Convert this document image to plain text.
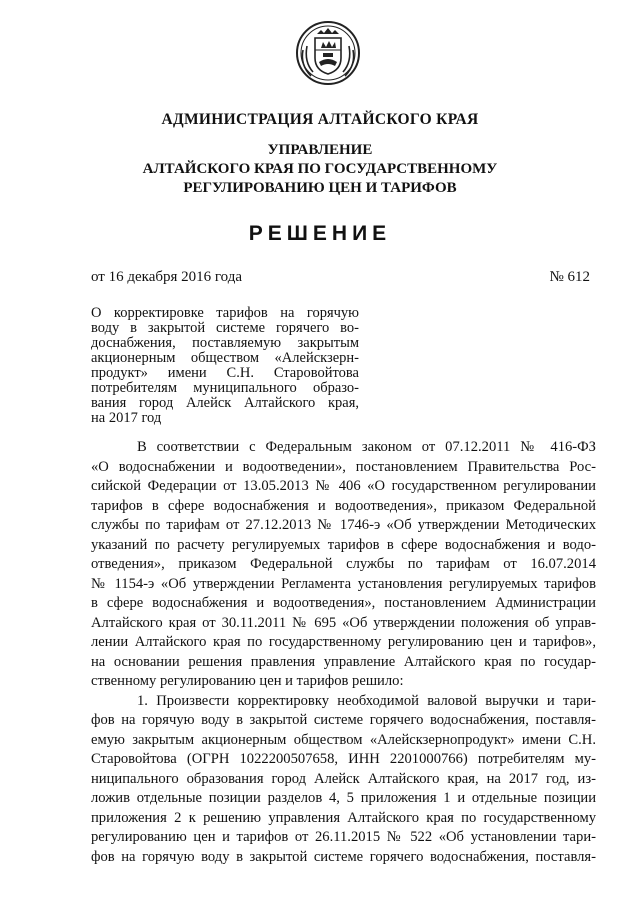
АДМИНИСТРАЦИЯ АЛТАЙСКОГО КРАЯ
УПРАВЛЕНИЕ
АЛТАЙСКОГО КРАЯ ПО ГОСУДАРСТВЕННОМУ
РЕГУЛИРОВАНИЮ ЦЕН И ТАРИФОВ
РЕШЕНИЕ
от 16 декабря 2016 года	№ 612
О корректировке тарифов на горячую
воду в закрытой системе горячего во-
доснабжения, поставляемую закрытым
акционерным обществом «Алейскзерн-
продукт» имени С.Н. Старовойтова
потребителям муниципального образо-
вания город Алейск Алтайского края,
на 2017 год
В соответствии с Федеральным законом от 07.12.2011 № 416-ФЗ
«О водоснабжении и водоотведении», постановлением Правительства Рос-
сийской Федерации от 13.05.2013 № 406 «О государственном регулировании
тарифов в сфере водоснабжения и водоотведения», приказом Федеральной
службы по тарифам от 27.12.2013 № 1746-э «Об утверждении Методических
указаний по расчету регулируемых тарифов в сфере водоснабжения и водо-
отведения», приказом Федеральной службы по тарифам от 16.07.2014
№ 1154-э «Об утверждении Регламента установления регулируемых тарифов
в сфере водоснабжения и водоотведения», постановлением Администрации
Алтайского края от 30.11.2011 № 695 «Об утверждении положения об управ-
лении Алтайского края по государственному регулированию цен и тарифов»,
на основании решения правления управление Алтайского края по государ-
ственному регулированию цен и тарифов решило:
1. Произвести корректировку необходимой валовой выручки и тари-
фов на горячую воду в закрытой системе горячего водоснабжения, поставля-
емую закрытым акционерным обществом «Алейскзернопродукт» имени С.Н.
Старовойтова (ОГРН 1022200507658, ИНН 2201000766) потребителям му-
ниципального образования город Алейск Алтайского края, на 2017 год, из-
ложив отдельные позиции разделов 4, 5 приложения 1 и отдельные позиции
приложения 2 к решению управления Алтайского края по государственному
регулированию цен и тарифов от 26.11.2015 № 522 «Об установлении тари-
фов на горячую воду в закрытой системе горячего водоснабжения, поставля-
